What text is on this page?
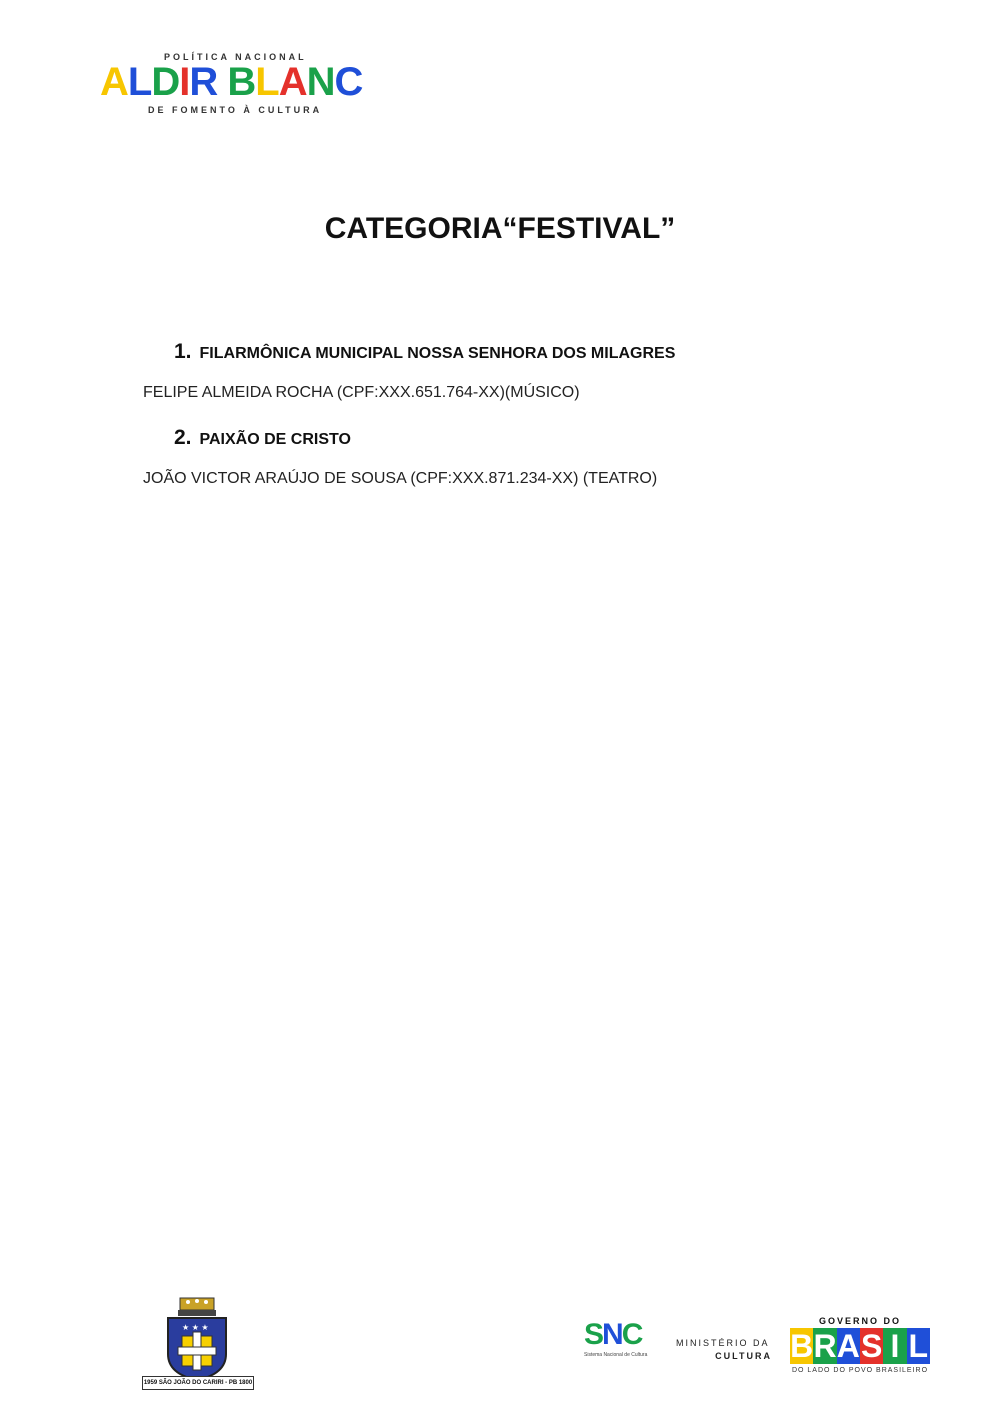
POLÍTICA NACIONAL
ALDIR BLANC
DE FOMENTO À CULTURA
CATEGORIA“FESTIVAL”
1. FILARMÔNICA MUNICIPAL NOSSA SENHORA DOS MILAGRES
FELIPE ALMEIDA ROCHA (CPF:XXX.651.764-XX)(MÚSICO)
2. PAIXÃO DE CRISTO
JOÃO VICTOR ARAÚJO DE SOUSA (CPF:XXX.871.234-XX) (TEATRO)
★ ★ ★
1959 SÃO JOÃO DO CARIRI - PB 1800
SNC
Sistema Nacional de Cultura
MINISTÉRIO DA
CULTURA
GOVERNO DO
B R A S I L
DO LADO DO POVO BRASILEIRO
